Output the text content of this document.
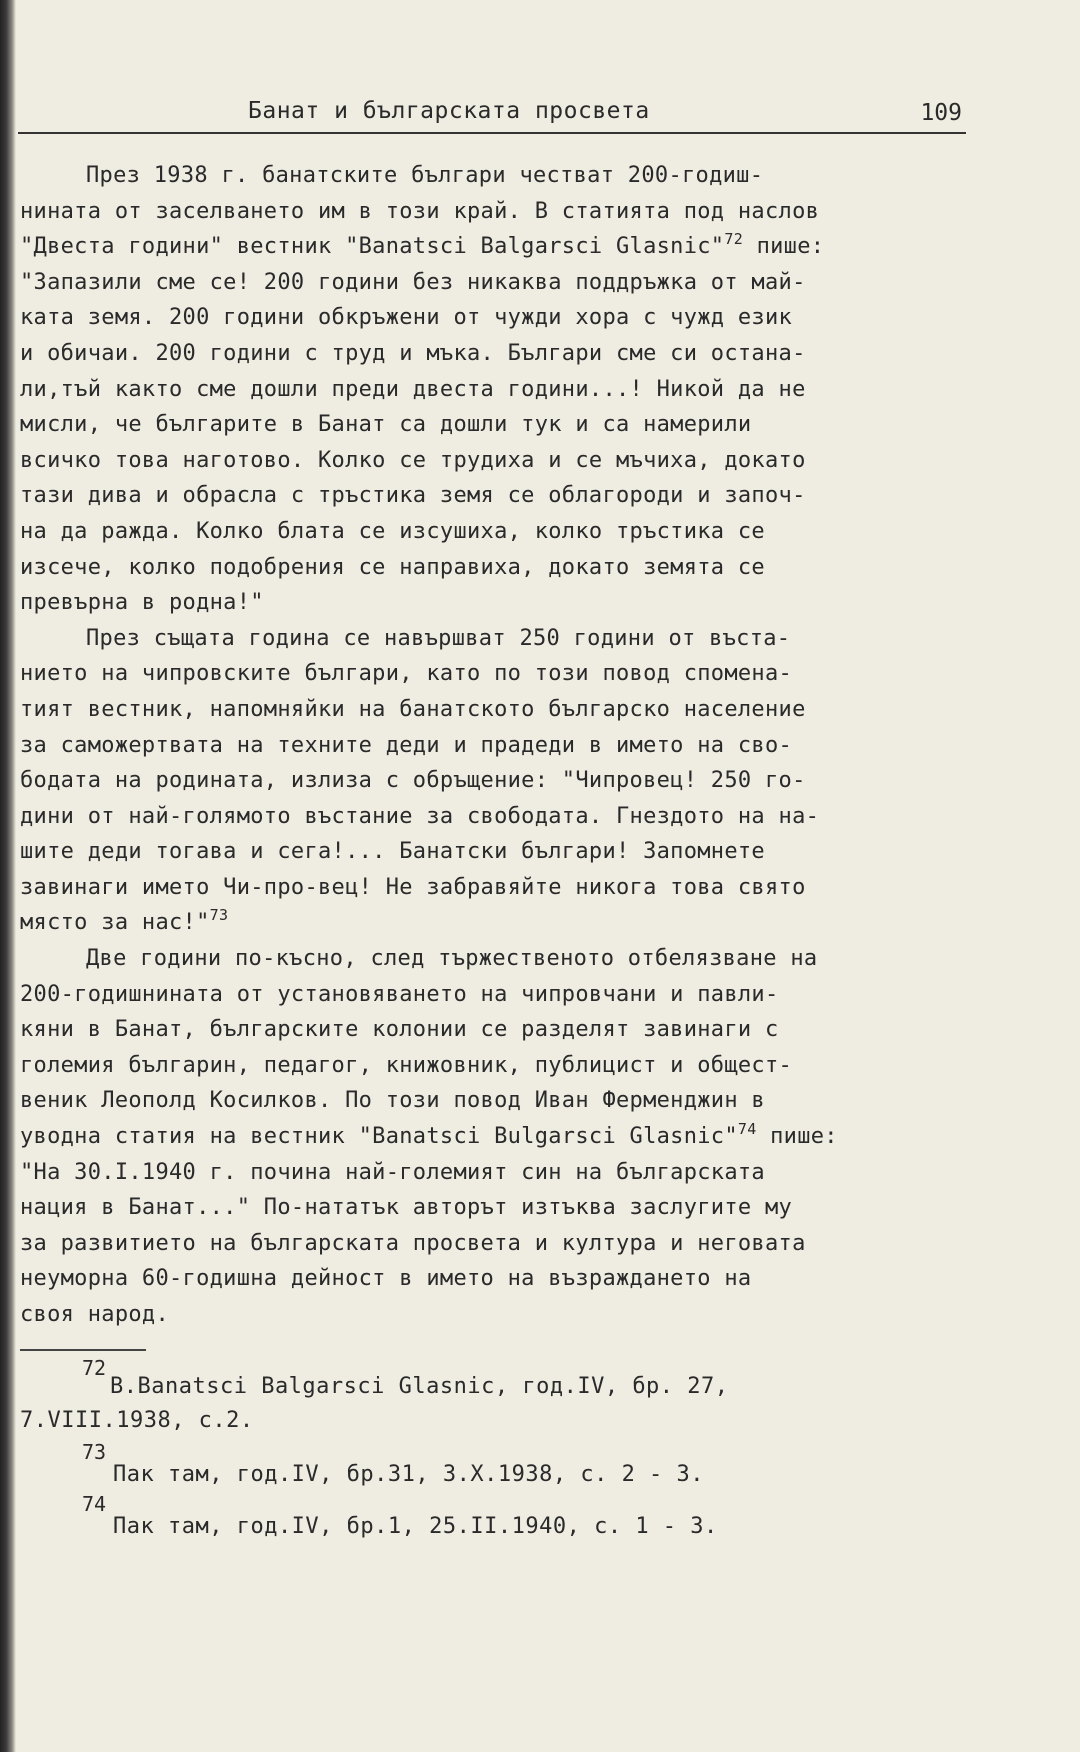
Банат и българската просвета	109
През 1938 г. банатските българи честват 200-годиш-
нината от заселването им в този край. В статията под наслов
"Двеста години" вестник "Banatsci Balgarsci Glasnic"$^{72}$ пише:
"Запазили сме се! 200 години без никаква поддръжка от май-
ката земя. 200 години обкръжени от чужди хора с чужд език
и обичаи. 200 години с труд и мъка. Българи сме си остана-
ли,тъй както сме дошли преди двеста години...! Никой да не
мисли, че българите в Банат са дошли тук и са намерили
всичко това наготово. Колко се трудиха и се мъчиха, докато
тази дива и обрасла с тръстика земя се облагороди и започ-
на да ражда. Колко блата се изсушиха, колко тръстика се
изсече, колко подобрения се направиха, докато земята се
превърна в родна!"
През същата година се навършват 250 години от въста-
нието на чипровските българи, като по този повод спомена-
тият вестник, напомняйки на банатското българско население
за саможертвата на техните деди и прадеди в името на сво-
бодата на родината, излиза с обръщение: "Чипровец! 250 го-
дини от най-голямото въстание за свободата. Гнездото на на-
шите деди тогава и сега!... Банатски българи! Запомнете
завинаги името Чи-про-вец! Не забравяйте никога това свято
място за нас!"$^{73}$
Две години по-късно, след тържественото отбелязване на
200-годишнината от установяването на чипровчани и павли-
кяни в Банат, българските колонии се разделят завинаги с
големия българин, педагог, книжовник, публицист и общест-
веник Леополд Косилков. По този повод Иван Ферменджин в
уводна статия на вестник "Banatsci Bulgarsci Glasnic"$^{74}$ пише:
"На 30.I.1940 г. почина най-големият син на българската
нация в Банат..." По-нататък авторът изтъква заслугите му
за развитието на българската просвета и култура и неговата
неуморна 60-годишна дейност в името на възраждането на
своя народ.
72
B.Banatsci Balgarsci Glasnic, год.IV, бр. 27,
7.VIII.1938, с.2.
73
Пак там, год.IV, бр.31, 3.X.1938, с. 2 - 3.
74
Пак там, год.IV, бр.1, 25.II.1940, с. 1 - 3.
